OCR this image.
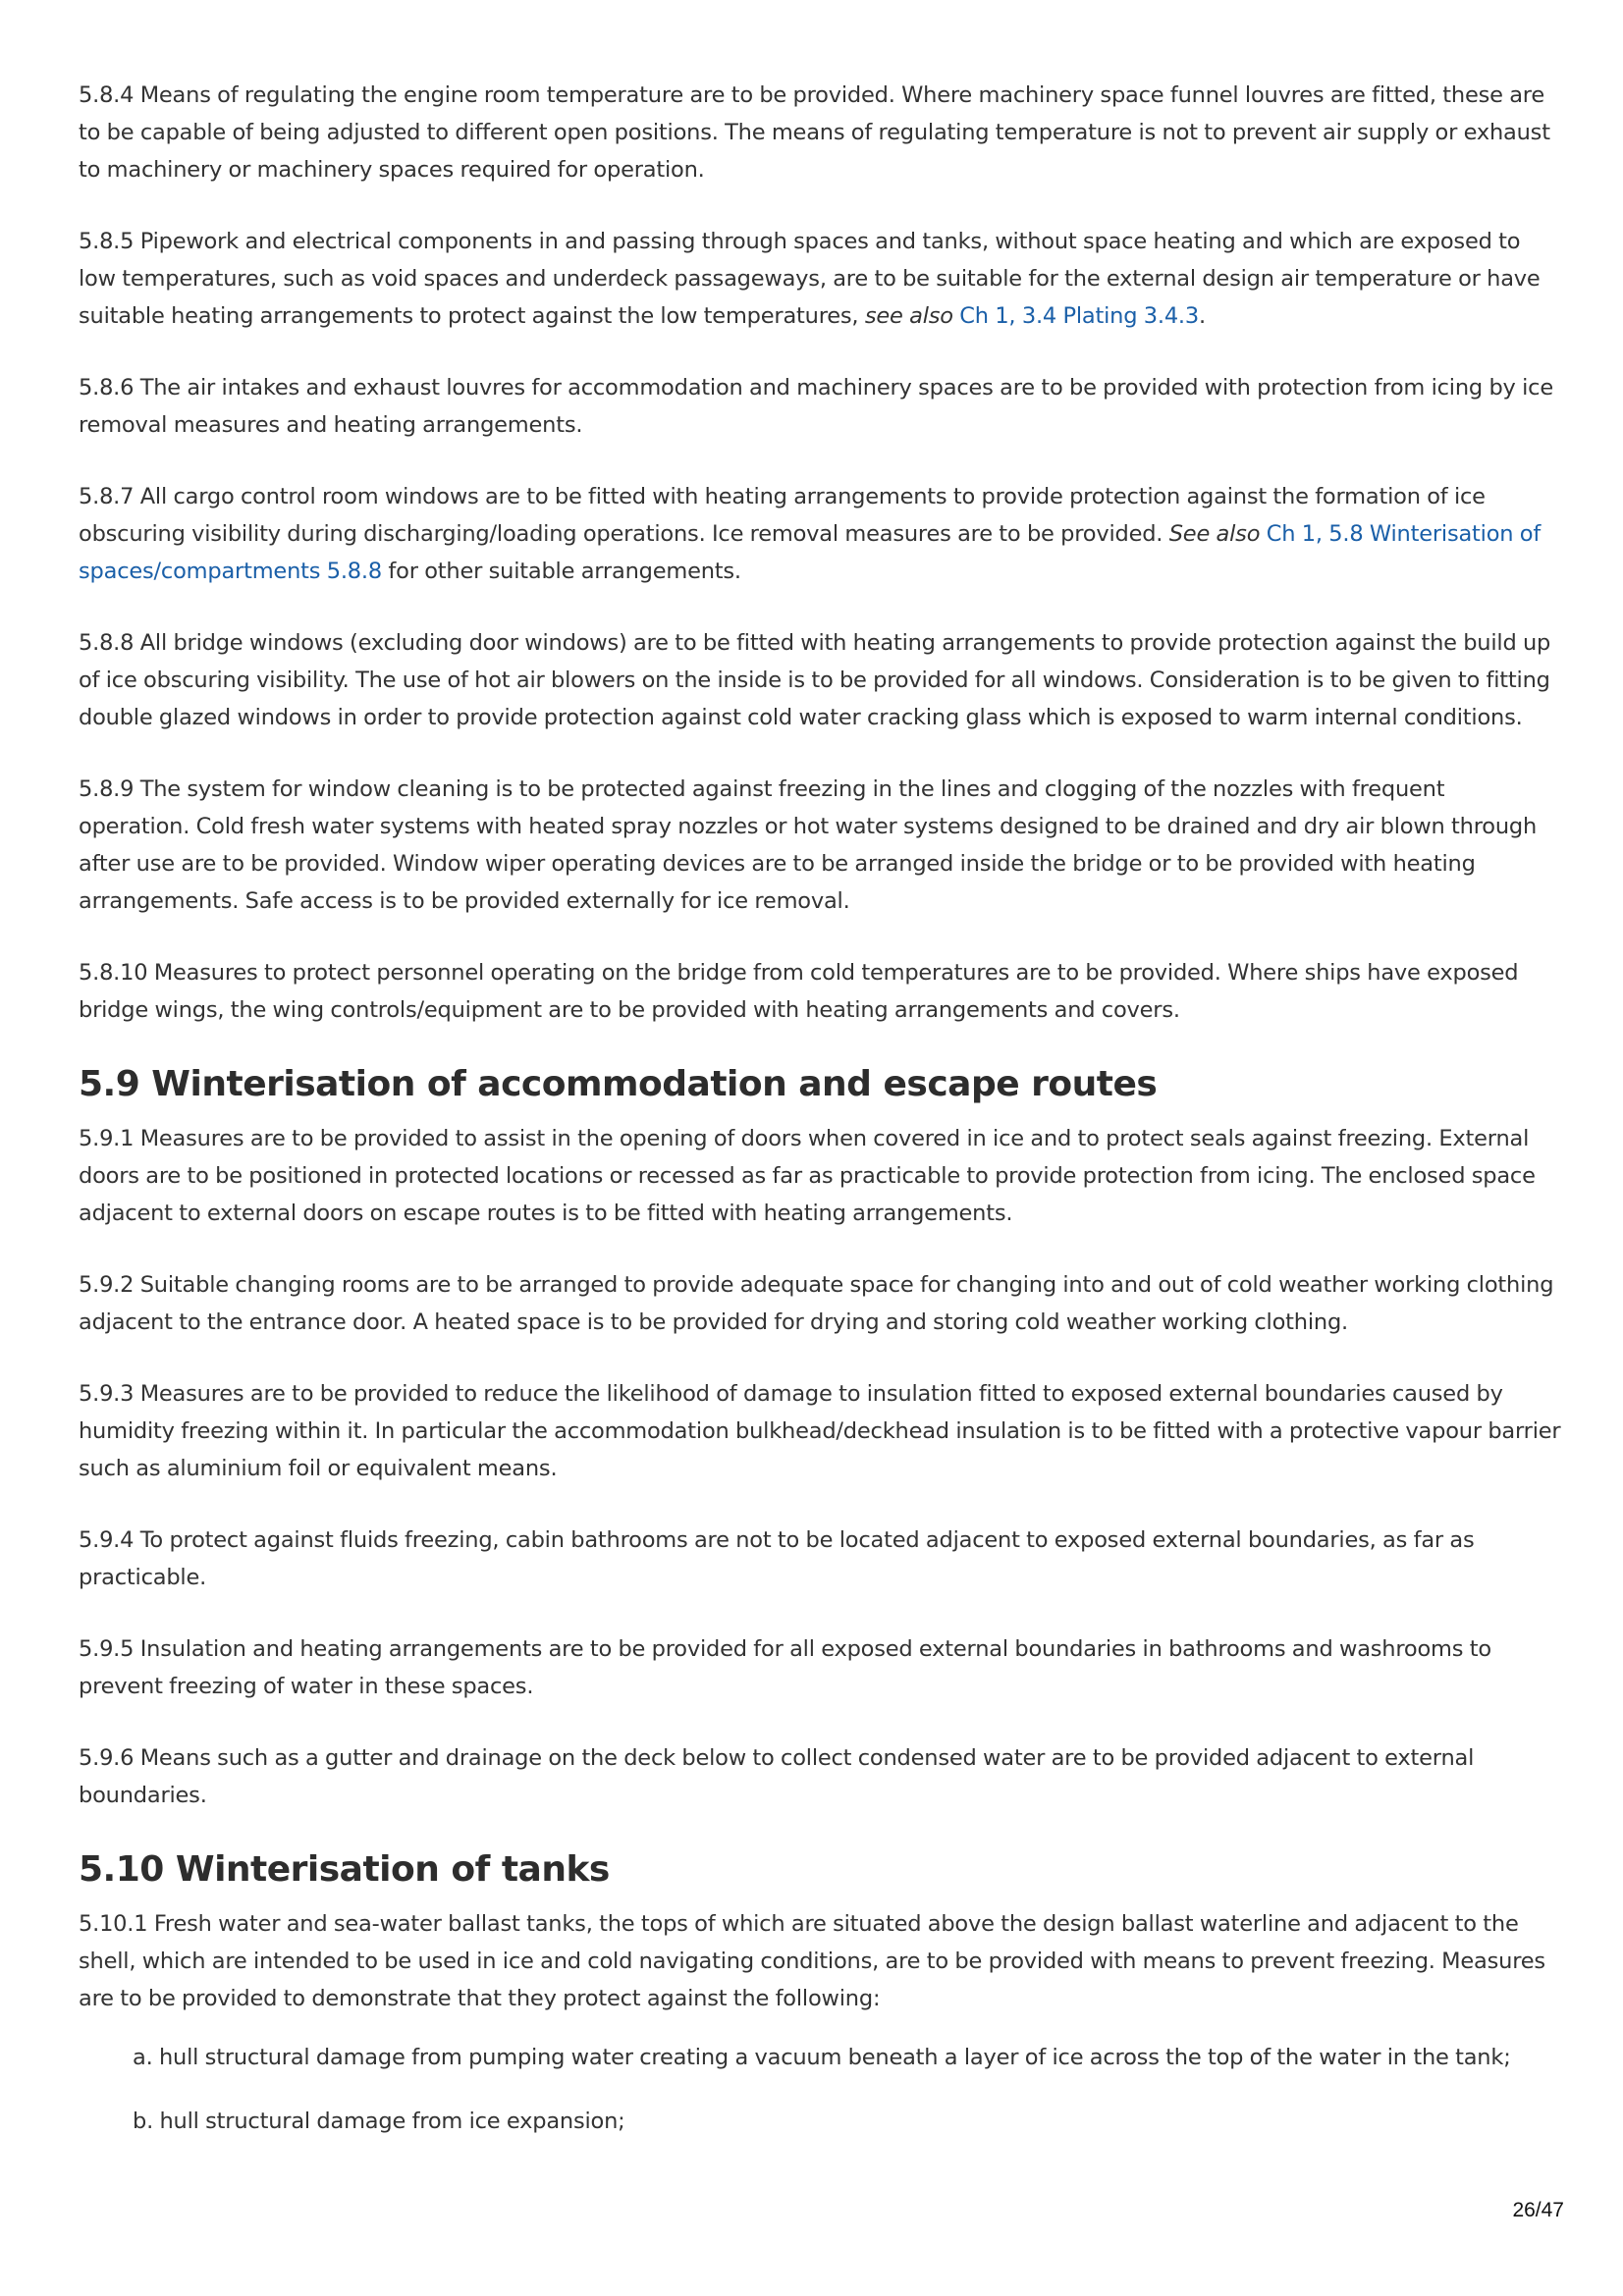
5.8.4 Means of regulating the engine room temperature are to be provided. Where machinery space funnel louvres are fitted, these are to be capable of being adjusted to different open positions. The means of regulating temperature is not to prevent air supply or exhaust to machinery or machinery spaces required for operation.

5.8.5 Pipework and electrical components in and passing through spaces and tanks, without space heating and which are exposed to low temperatures, such as void spaces and underdeck passageways, are to be suitable for the external design air temperature or have suitable heating arrangements to protect against the low temperatures, see also Ch 1, 3.4 Plating 3.4.3.

5.8.6 The air intakes and exhaust louvres for accommodation and machinery spaces are to be provided with protection from icing by ice removal measures and heating arrangements.

5.8.7 All cargo control room windows are to be fitted with heating arrangements to provide protection against the formation of ice obscuring visibility during discharging/loading operations. Ice removal measures are to be provided. See also Ch 1, 5.8 Winterisation of spaces/compartments 5.8.8 for other suitable arrangements.

5.8.8 All bridge windows (excluding door windows) are to be fitted with heating arrangements to provide protection against the build up of ice obscuring visibility. The use of hot air blowers on the inside is to be provided for all windows. Consideration is to be given to fitting double glazed windows in order to provide protection against cold water cracking glass which is exposed to warm internal conditions.

5.8.9 The system for window cleaning is to be protected against freezing in the lines and clogging of the nozzles with frequent operation. Cold fresh water systems with heated spray nozzles or hot water systems designed to be drained and dry air blown through after use are to be provided. Window wiper operating devices are to be arranged inside the bridge or to be provided with heating arrangements. Safe access is to be provided externally for ice removal.

5.8.10 Measures to protect personnel operating on the bridge from cold temperatures are to be provided. Where ships have exposed bridge wings, the wing controls/equipment are to be provided with heating arrangements and covers.

5.9 Winterisation of accommodation and escape routes

5.9.1 Measures are to be provided to assist in the opening of doors when covered in ice and to protect seals against freezing. External doors are to be positioned in protected locations or recessed as far as practicable to provide protection from icing. The enclosed space adjacent to external doors on escape routes is to be fitted with heating arrangements.

5.9.2 Suitable changing rooms are to be arranged to provide adequate space for changing into and out of cold weather working clothing adjacent to the entrance door. A heated space is to be provided for drying and storing cold weather working clothing.

5.9.3 Measures are to be provided to reduce the likelihood of damage to insulation fitted to exposed external boundaries caused by humidity freezing within it. In particular the accommodation bulkhead/deckhead insulation is to be fitted with a protective vapour barrier such as aluminium foil or equivalent means.

5.9.4 To protect against fluids freezing, cabin bathrooms are not to be located adjacent to exposed external boundaries, as far as practicable.

5.9.5 Insulation and heating arrangements are to be provided for all exposed external boundaries in bathrooms and washrooms to prevent freezing of water in these spaces.

5.9.6 Means such as a gutter and drainage on the deck below to collect condensed water are to be provided adjacent to external boundaries.

5.10 Winterisation of tanks

5.10.1 Fresh water and sea-water ballast tanks, the tops of which are situated above the design ballast waterline and adjacent to the shell, which are intended to be used in ice and cold navigating conditions, are to be provided with means to prevent freezing. Measures are to be provided to demonstrate that they protect against the following:

a. hull structural damage from pumping water creating a vacuum beneath a layer of ice across the top of the water in the tank;
b. hull structural damage from ice expansion;
26/47
